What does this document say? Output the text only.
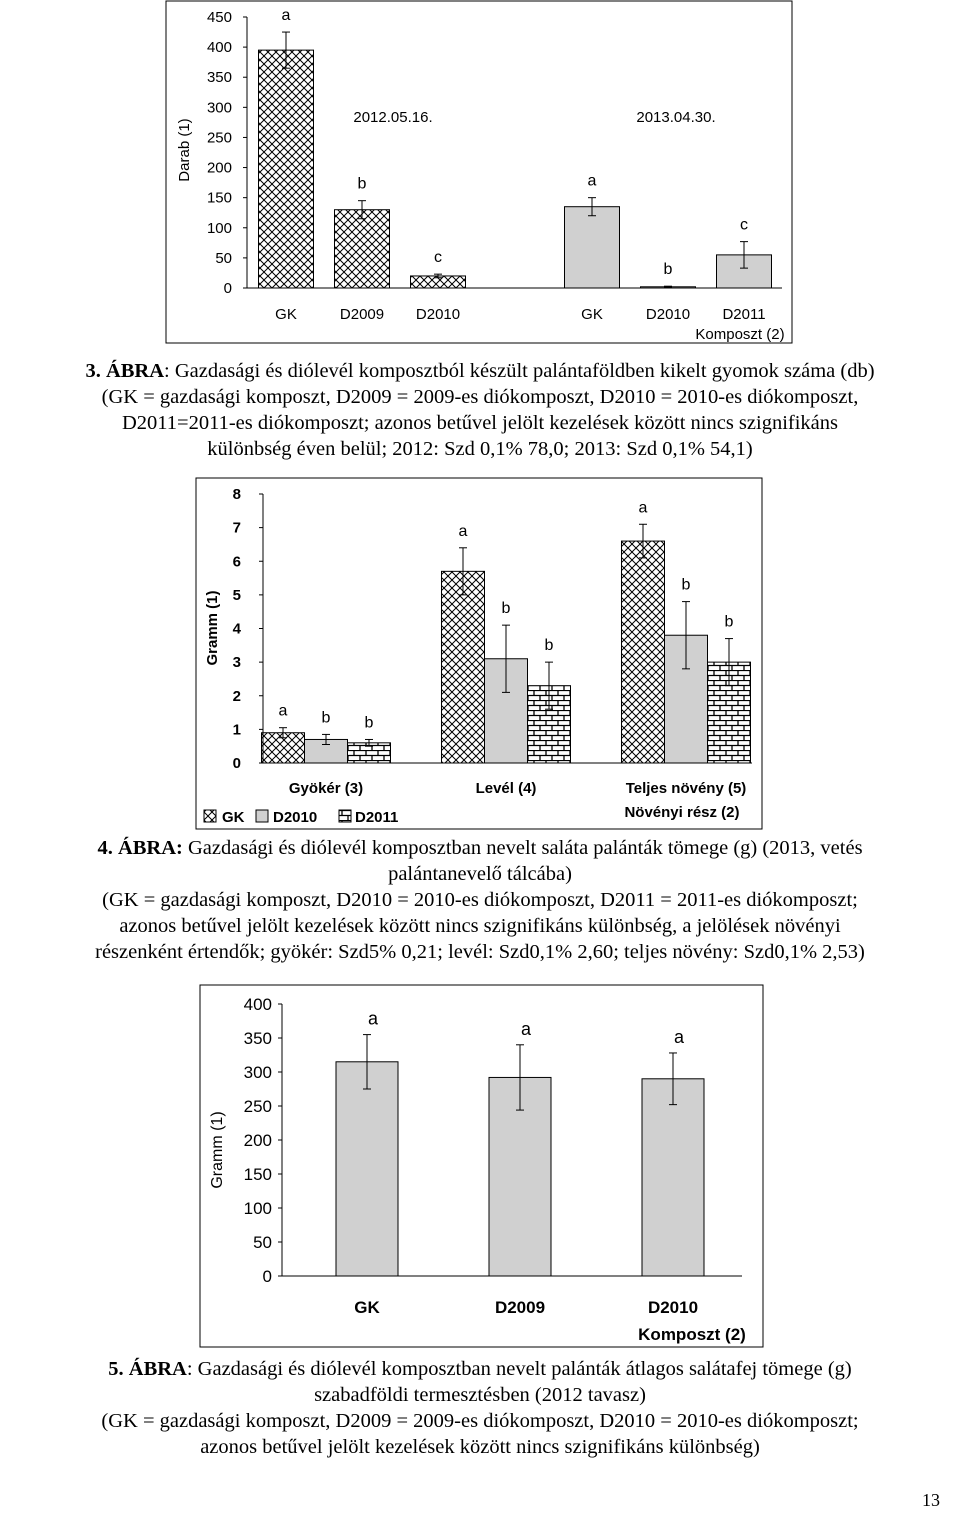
Darab (1)
0
50
100
150
200
250
300
350
400
450	a
GK
b
D2009
c
D2010
a
GK
b
D2010
c
D2011
2012.05.16.	2013.04.30.
Komposzt (2)
Gramm (1)
0
1
2
3
4
5
6
7
8
a
a
a
b
b
b
b
b
b
Gyökér (3)	Levél (4)	Teljes növény (5)
GK D2010	D2011	Növényi rész (2)
Gramm (1)
0
50
100
150
200
250
300
350
400
a
GK
a
D2009
a
D2010
Komposzt (2)
3. ÁBRA: Gazdasági és diólevél komposztból készült palántaföldben kikelt gyomok száma (db)
(GK = gazdasági komposzt, D2009 = 2009-es diókomposzt, D2010 = 2010-es diókomposzt,
D2011=2011-es diókomposzt; azonos betűvel jelölt kezelések között nincs szignifikáns
különbség éven belül; 2012: Szd 0,1% 78,0; 2013: Szd 0,1% 54,1)
4. ÁBRA: Gazdasági és diólevél komposztban nevelt saláta palánták tömege (g) (2013, vetés
palántanevelő tálcába)
(GK = gazdasági komposzt, D2010 = 2010-es diókomposzt, D2011 = 2011-es diókomposzt;
azonos betűvel jelölt kezelések között nincs szignifikáns különbség, a jelölések növényi
részenként értendők; gyökér: Szd5% 0,21; levél: Szd0,1% 2,60; teljes növény: Szd0,1% 2,53)
5. ÁBRA: Gazdasági és diólevél komposztban nevelt palánták átlagos salátafej tömege (g)
szabadföldi termesztésben (2012 tavasz)
(GK = gazdasági komposzt, D2009 = 2009-es diókomposzt, D2010 = 2010-es diókomposzt;
azonos betűvel jelölt kezelések között nincs szignifikáns különbség)
13
